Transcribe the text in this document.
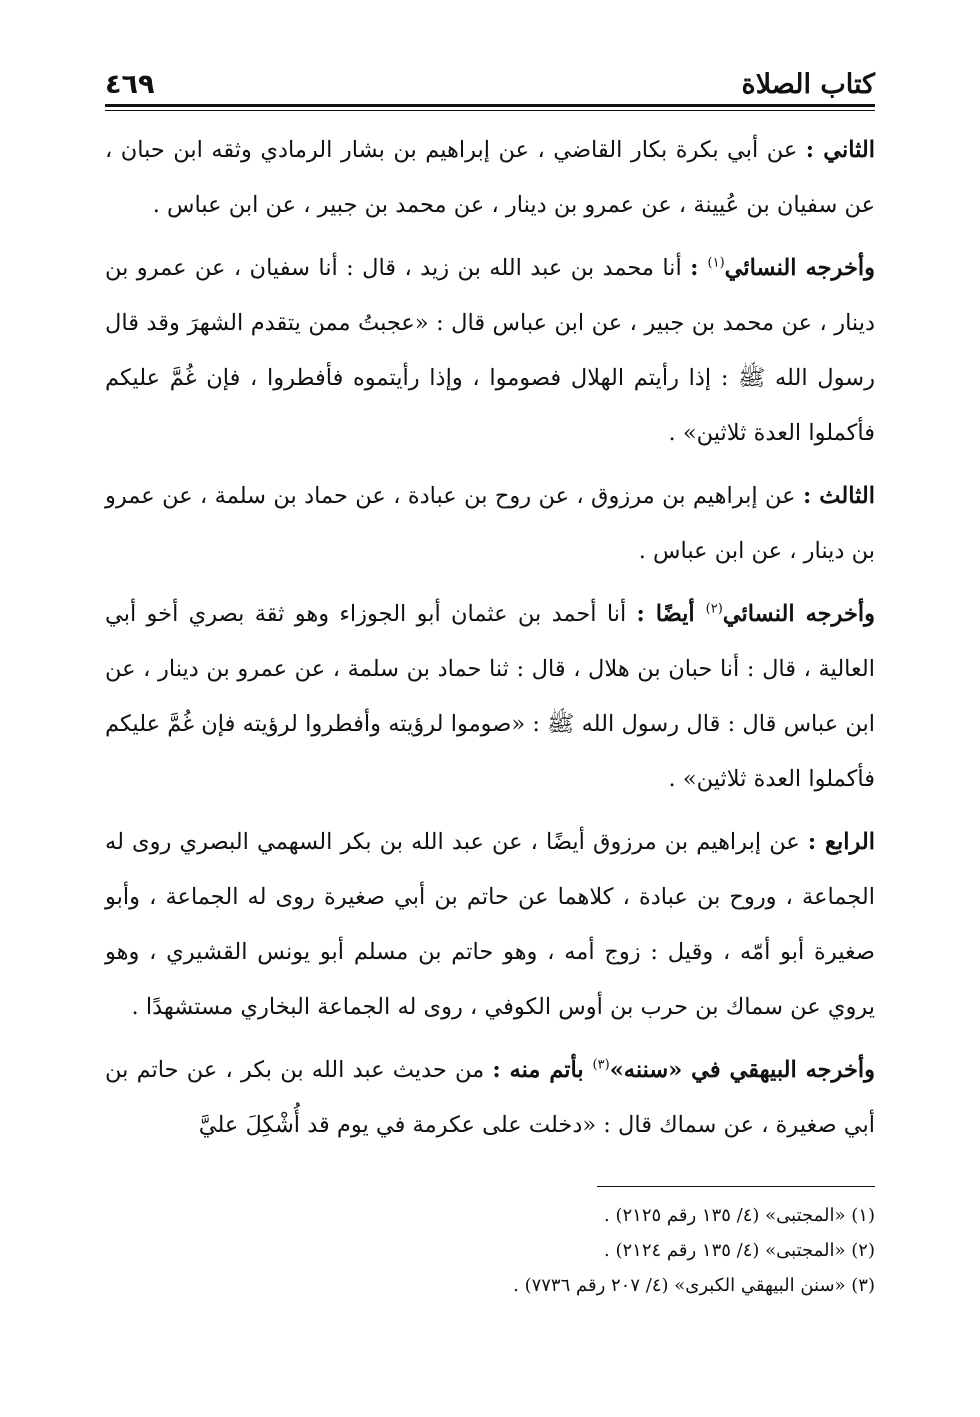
كتاب الصلاة
٤٦٩

الثاني : عن أبي بكرة بكار القاضي ، عن إبراهيم بن بشار الرمادي وثقه ابن حبان ، عن سفيان بن عُيينة ، عن عمرو بن دينار ، عن محمد بن جبير ، عن ابن عباس .

وأخرجه النسائي$^{(١)}$ : أنا محمد بن عبد الله بن زيد ، قال : أنا سفيان ، عن عمرو بن دينار ، عن محمد بن جبير ، عن ابن عباس قال : «عجبتُ ممن يتقدم الشهرَ وقد قال رسول الله ﷺ : إذا رأيتم الهلال فصوموا ، وإذا رأيتموه فأفطروا ، فإن غُمَّ عليكم فأكملوا العدة ثلاثين» .

الثالث : عن إبراهيم بن مرزوق ، عن روح بن عبادة ، عن حماد بن سلمة ، عن عمرو بن دينار ، عن ابن عباس .

وأخرجه النسائي$^{(٢)}$ أيضًا : أنا أحمد بن عثمان أبو الجوزاء وهو ثقة بصري أخو أبي العالية ، قال : أنا حبان بن هلال ، قال : ثنا حماد بن سلمة ، عن عمرو بن دينار ، عن ابن عباس قال : قال رسول الله ﷺ : «صوموا لرؤيته وأفطروا لرؤيته فإن غُمَّ عليكم فأكملوا العدة ثلاثين» .

الرابع : عن إبراهيم بن مرزوق أيضًا ، عن عبد الله بن بكر السهمي البصري روى له الجماعة ، وروح بن عبادة ، كلاهما عن حاتم بن أبي صغيرة روى له الجماعة ، وأبو صغيرة أبو أمّه ، وقيل : زوج أمه ، وهو حاتم بن مسلم أبو يونس القشيري ، وهو يروي عن سماك بن حرب بن أوس الكوفي ، روى له الجماعة البخاري مستشهدًا .

وأخرجه البيهقي في «سننه»$^{(٣)}$ بأتم منه : من حديث عبد الله بن بكر ، عن حاتم بن أبي صغيرة ، عن سماك قال : «دخلت على عكرمة في يوم قد أُشْكِلَ عليَّ

(١) «المجتبى» (٤/ ١٣٥ رقم ٢١٢٥) .

(٢) «المجتبى» (٤/ ١٣٥ رقم ٢١٢٤) .

(٣) «سنن البيهقي الكبرى» (٤/ ٢٠٧ رقم ٧٧٣٦) .
